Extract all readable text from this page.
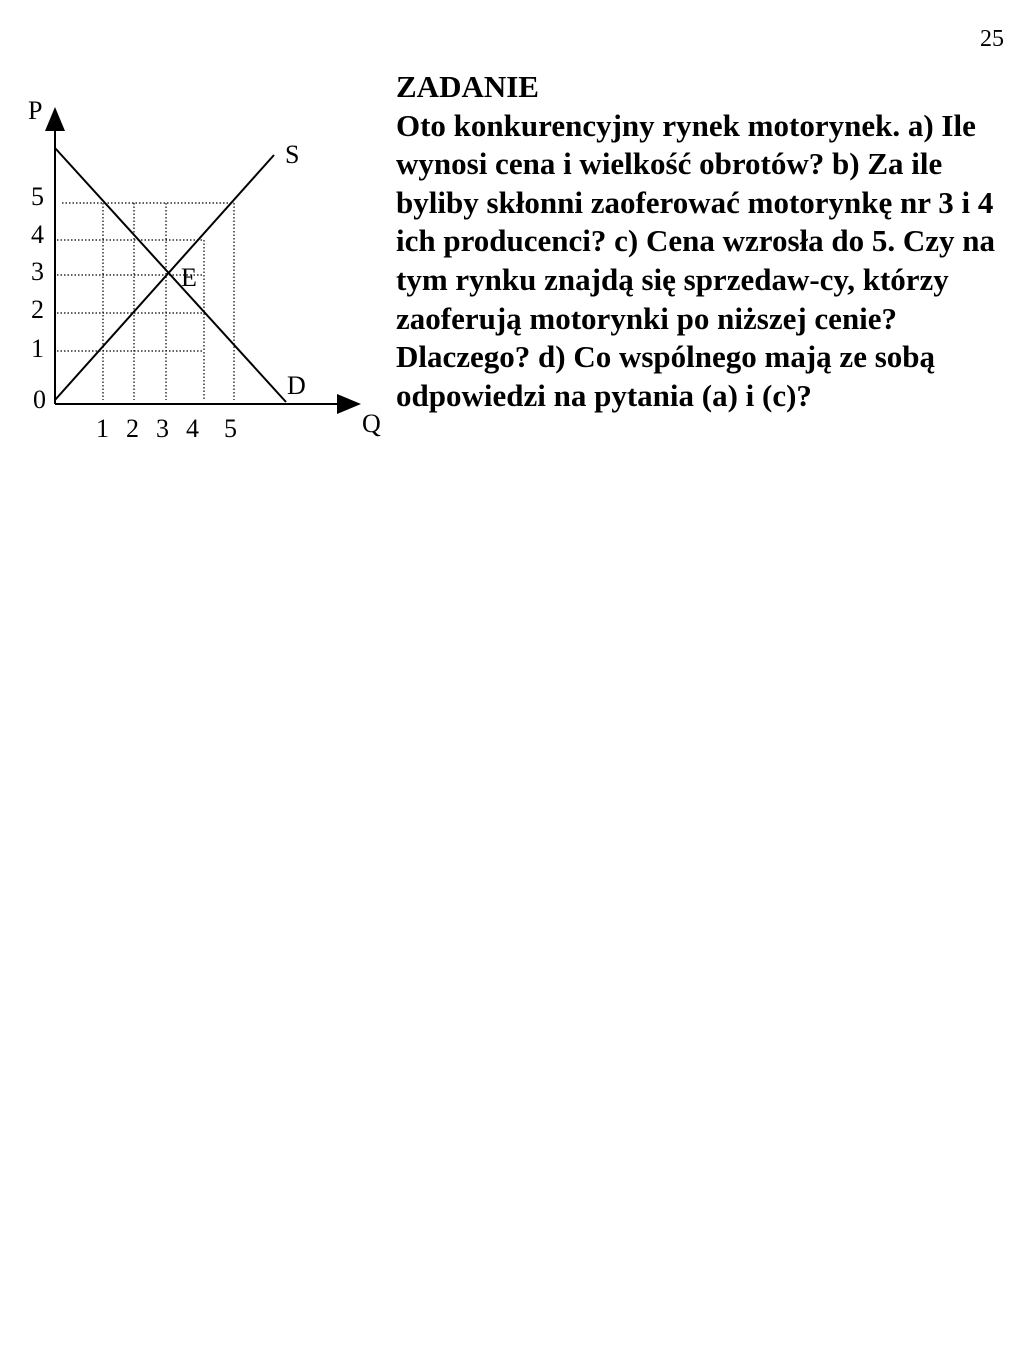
25
P
Q
0
5
4
3
2
1
1 2 3 4 5
S
D
E
ZADANIE
Oto konkurencyjny rynek motorynek. a) Ile wynosi cena i wielkość obrotów? b) Za ile byliby skłonni zaoferować motorynkę nr 3 i 4 ich producenci? c) Cena wzrosła do 5. Czy na tym rynku znajdą się sprzedaw-cy, którzy zaoferują motorynki po niższej cenie? Dlaczego? d) Co wspólnego mają ze sobą odpowiedzi na pytania (a) i (c)?
